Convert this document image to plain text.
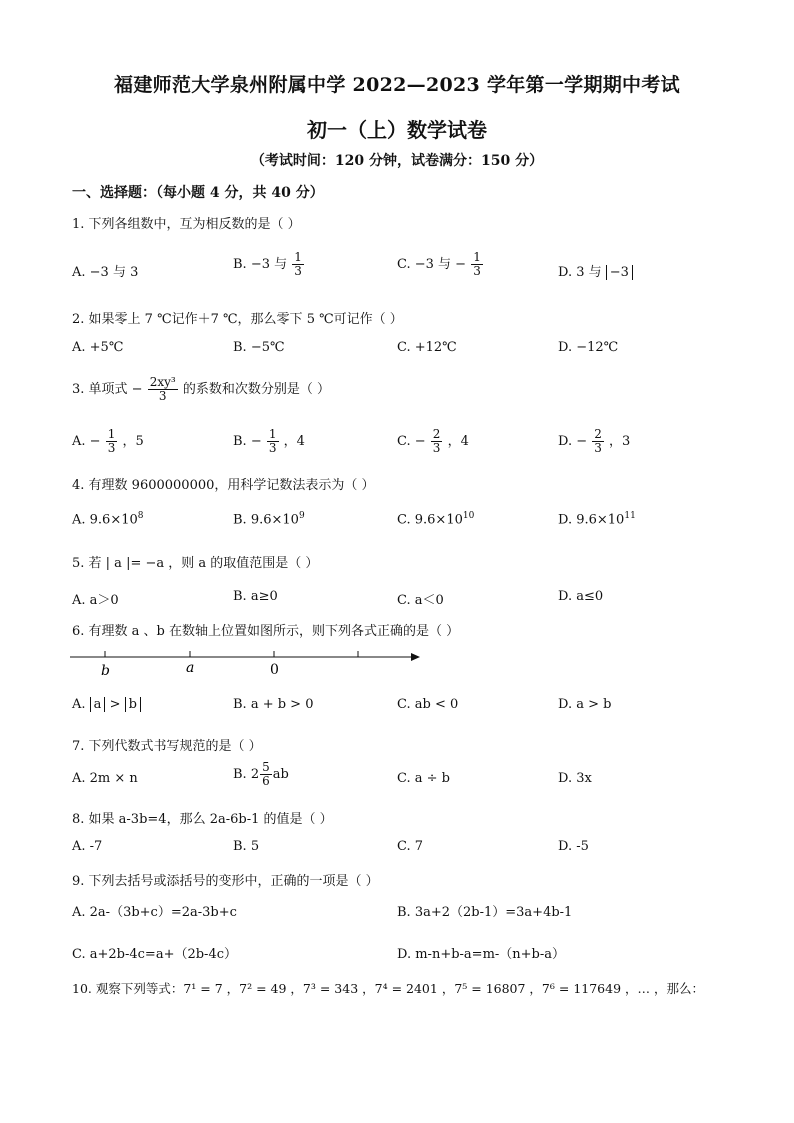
福建师范大学泉州附属中学 2022—2023 学年第一学期期中考试
初一（上）数学试卷
（考试时间：120 分钟，试卷满分：150 分）
一、选择题：（每小题 4 分，共 40 分）
1. 下列各组数中，互为相反数的是（ ）
A. −3 与 3
B. −3 与 $\frac{1}{3}$	C. −3 与 − $\frac{1}{3}$	D. 3 与 −3
2. 如果零上 7 ℃记作＋7 ℃，那么零下 5 ℃可记作（ ）
A. +5℃	B. −5℃	C. +12℃	D. −12℃
3. 单项式 − $\frac{\text{2xy³}}{3}$ 的系数和次数分别是（ ）
A. − $\frac{1}{3}$ ，5	B. − $\frac{1}{3}$ ，4	C. − $\frac{2}{3}$ ，4	D. − $\frac{2}{3}$ ，3
4. 有理数 9600000000，用科学记数法表示为（ ）
A. $9.6\times 10^8$	B. $9.6\times 10^9$	C. $9.6\times 10^{10}$	D. $9.6\times 10^{11}$
5. 若 | a |= −a ，则 a 的取值范围是（ ）
A. a＞0	B. a≥0	C. a＜0	D. a≤0
6. 有理数 a 、b 在数轴上位置如图所示，则下列各式正确的是（ ）
b	a	0
A. a > b	B. a + b > 0	C. ab < 0	D. a > b
7. 下列代数式书写规范的是（ ）
A. 2m × n	B. $2 \frac{5}{6}$ ab	C. a ÷ b	D. 3x
8. 如果 a-3b=4，那么 2a-6b-1 的值是（ ）
A. -7	B. 5	C. 7	D. -5
9. 下列去括号或添括号的变形中，正确的一项是（ ）
A. 2a-（3b+c）=2a-3b+c	B. 3a+2（2b-1）=3a+4b-1
C. a+2b-4c=a+（2b-4c）	D. m-n+b-a=m-（n+b-a）
10. 观察下列等式：7¹ = 7 ，7² = 49 ，7³ = 343 ，7⁴ = 2401 ，7⁵ = 16807 ，7⁶ = 117649 ，… ，那么：
